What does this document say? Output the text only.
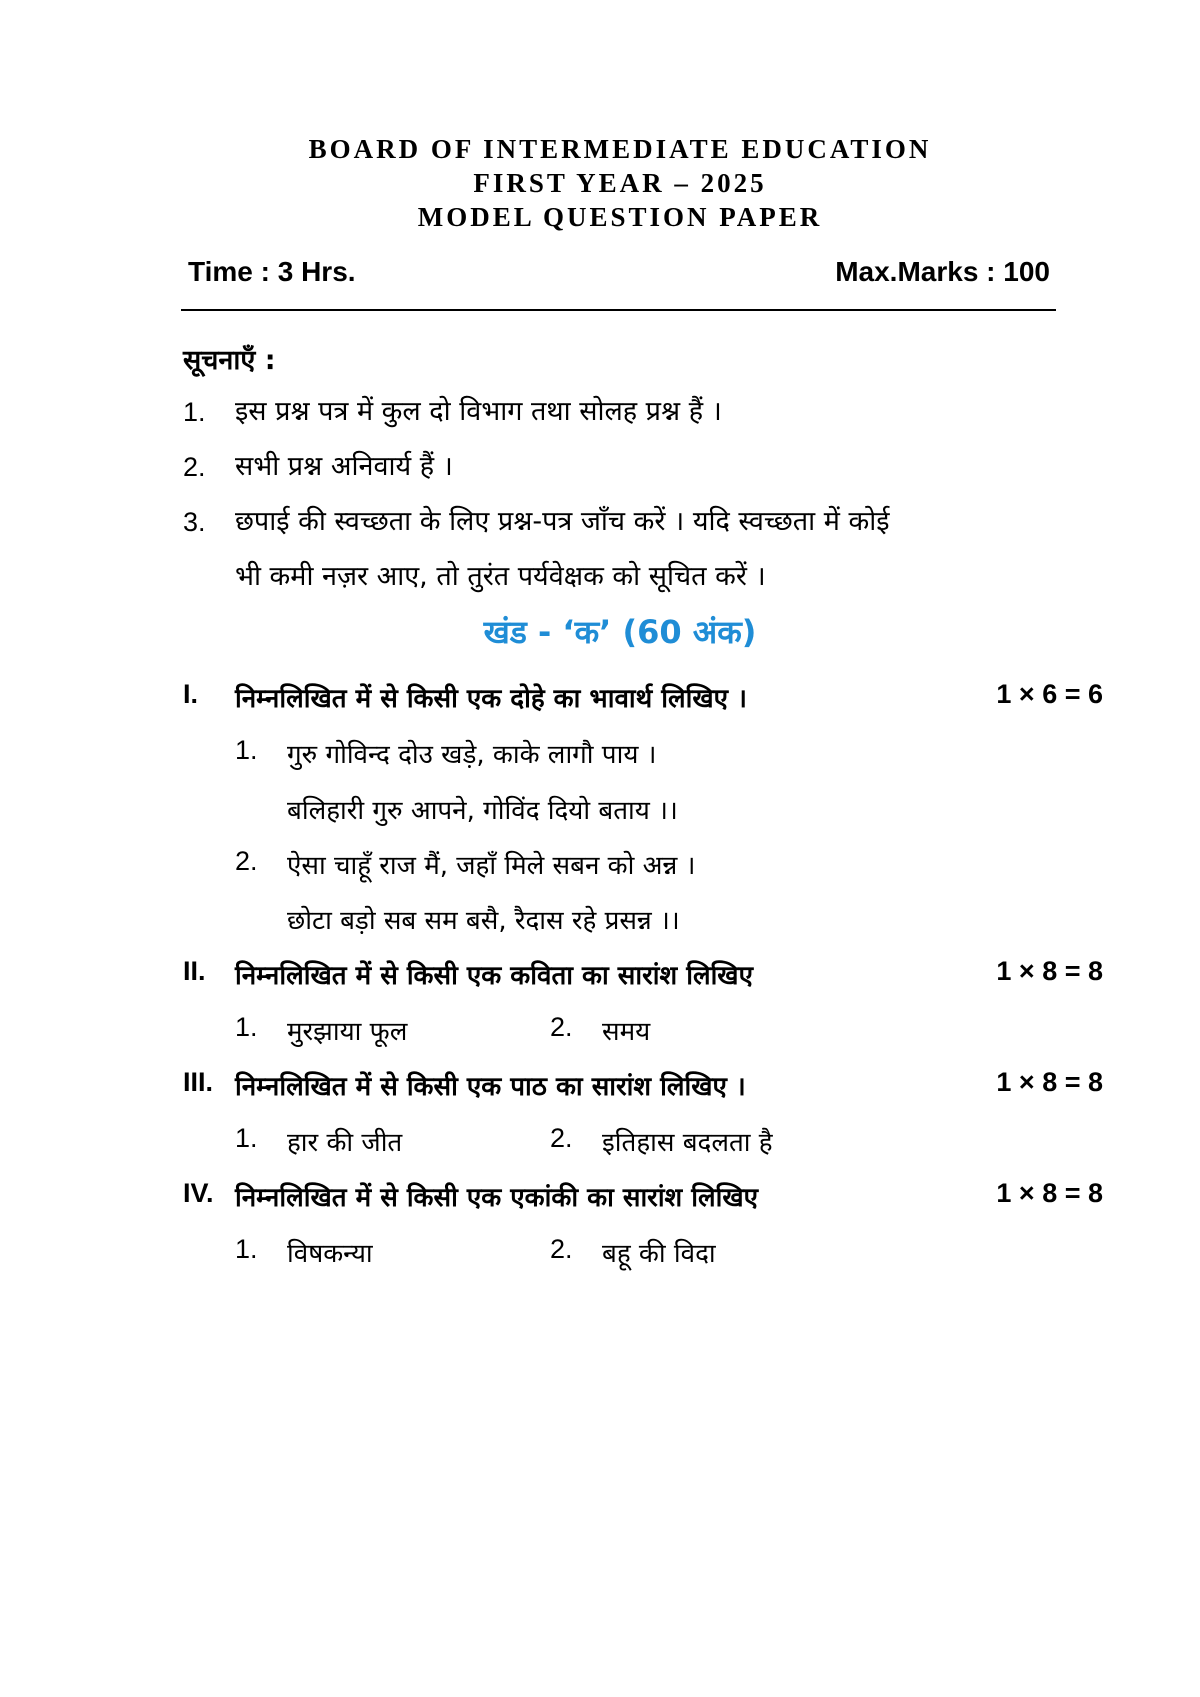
BOARD OF INTERMEDIATE EDUCATION
FIRST YEAR – 2025
MODEL QUESTION PAPER
Time : 3 Hrs.	Max.Marks : 100
सूचनाएँ :
1. इस प्रश्न पत्र में कुल दो विभाग तथा सोलह प्रश्न हैं ।
2. सभी प्रश्न अनिवार्य हैं ।
3. छपाई की स्वच्छता के लिए प्रश्न-पत्र जाँच करें । यदि स्वच्छता में कोई
भी कमी नज़र आए, तो तुरंत पर्यवेक्षक को सूचित करें ।
खंड - ‘क’ (60 अंक)
I. निम्नलिखित में से किसी एक दोहे का भावार्थ लिखिए ।	1 × 6 = 6
1. गुरु गोविन्द दोउ खड़े, काके लागौ पाय ।
बलिहारी गुरु आपने, गोविंद दियो बताय ।।
2. ऐसा चाहूँ राज मैं, जहाँ मिले सबन को अन्न ।
छोटा बड़ो सब सम बसै, रैदास रहे प्रसन्न ।।
II. निम्नलिखित में से किसी एक कविता का सारांश लिखिए	1 × 8 = 8
1. मुरझाया फूल	2. समय
III. निम्नलिखित में से किसी एक पाठ का सारांश लिखिए ।	1 × 8 = 8
1. हार की जीत	2. इतिहास बदलता है
IV. निम्नलिखित में से किसी एक एकांकी का सारांश लिखिए	1 × 8 = 8
1. विषकन्या	2. बहू की विदा
